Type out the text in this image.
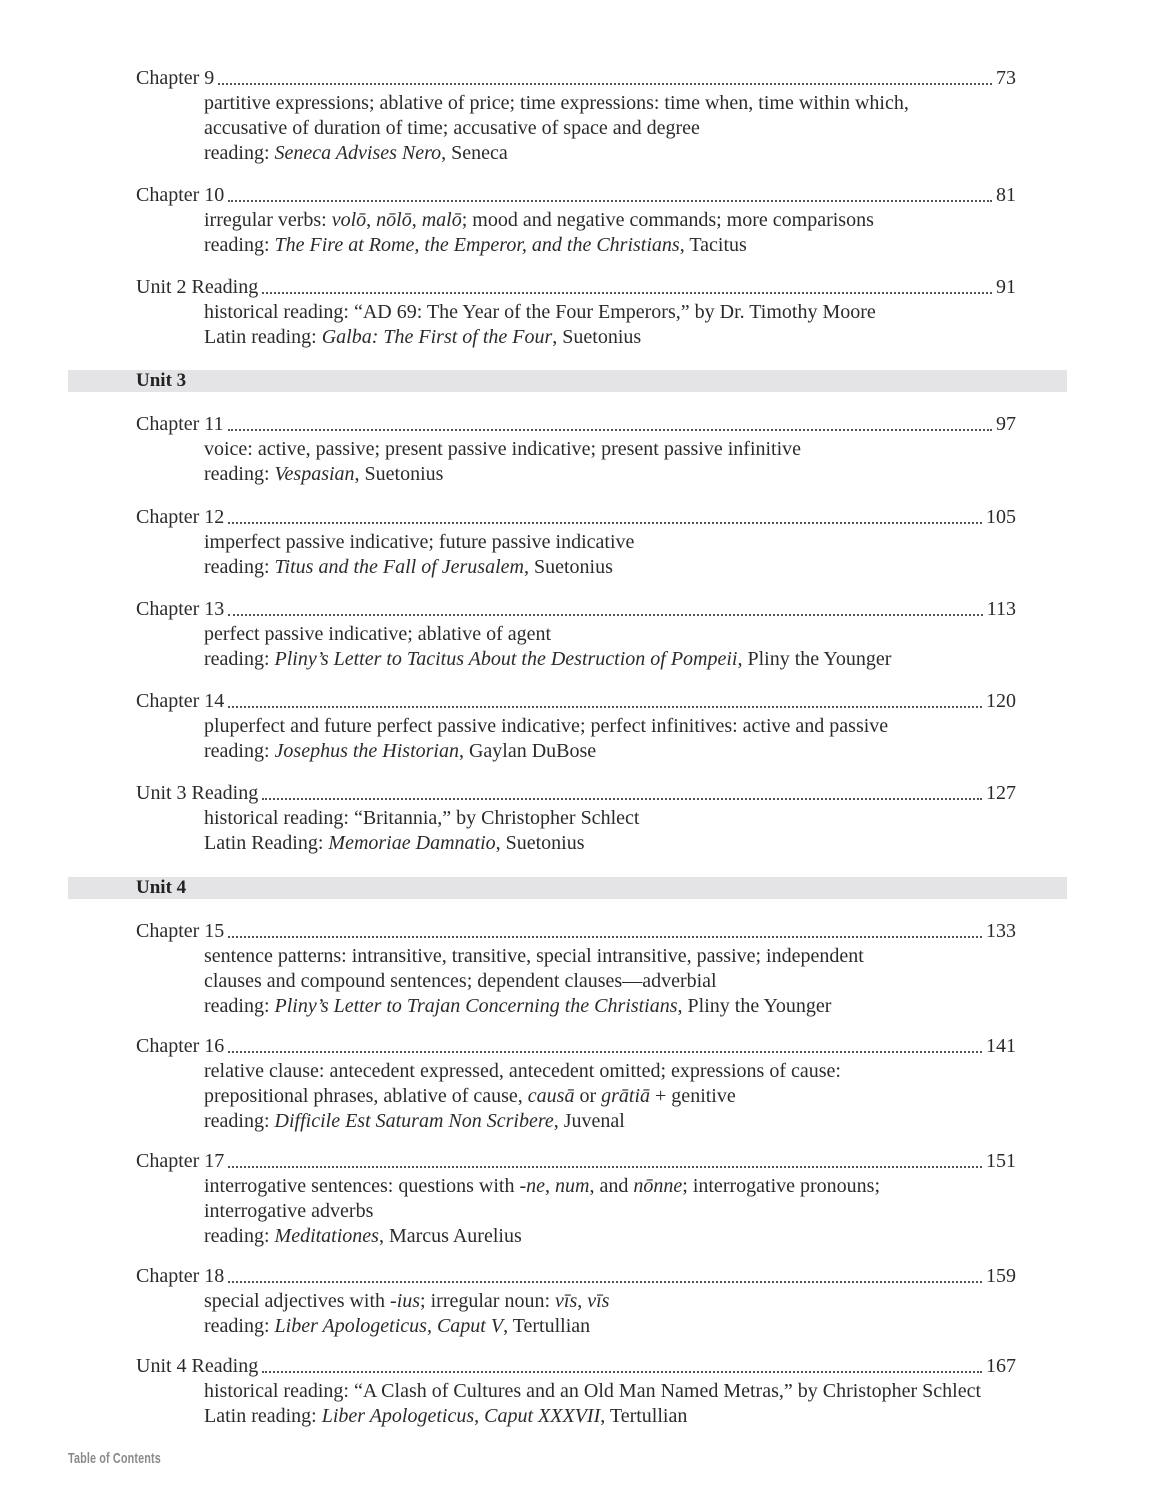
Chapter 9	73
partitive expressions; ablative of price; time expressions: time when, time within which,
accusative of duration of time; accusative of space and degree
reading: Seneca Advises Nero, Seneca
Chapter 10	81
irregular verbs: volō, nōlō, malō; mood and negative commands; more comparisons
reading: The Fire at Rome, the Emperor, and the Christians, Tacitus
Unit 2 Reading	91
historical reading: “AD 69: The Year of the Four Emperors,” by Dr. Timothy Moore
Latin reading: Galba: The First of the Four, Suetonius
Unit 3
Chapter 11	97
voice: active, passive; present passive indicative; present passive infinitive
reading: Vespasian, Suetonius
Chapter 12	105
imperfect passive indicative; future passive indicative
reading: Titus and the Fall of Jerusalem, Suetonius
Chapter 13	113
perfect passive indicative; ablative of agent
reading: Pliny’s Letter to Tacitus About the Destruction of Pompeii, Pliny the Younger
Chapter 14	120
pluperfect and future perfect passive indicative; perfect infinitives: active and passive
reading: Josephus the Historian, Gaylan DuBose
Unit 3 Reading	127
historical reading: “Britannia,” by Christopher Schlect
Latin Reading: Memoriae Damnatio, Suetonius
Unit 4
Chapter 15	133
sentence patterns: intransitive, transitive, special intransitive, passive; independent
clauses and compound sentences; dependent clauses—adverbial
reading: Pliny’s Letter to Trajan Concerning the Christians, Pliny the Younger
Chapter 16	141
relative clause: antecedent expressed, antecedent omitted; expressions of cause:
prepositional phrases, ablative of cause, causā or grātiā + genitive
reading: Difficile Est Saturam Non Scribere, Juvenal
Chapter 17	151
interrogative sentences: questions with -ne, num, and nōnne; interrogative pronouns;
interrogative adverbs
reading: Meditationes, Marcus Aurelius
Chapter 18	159
special adjectives with -ius; irregular noun: vīs, vīs
reading: Liber Apologeticus, Caput V, Tertullian
Unit 4 Reading	167
historical reading: “A Clash of Cultures and an Old Man Named Metras,” by Christopher Schlect
Latin reading: Liber Apologeticus, Caput XXXVII, Tertullian
Table of Contents
